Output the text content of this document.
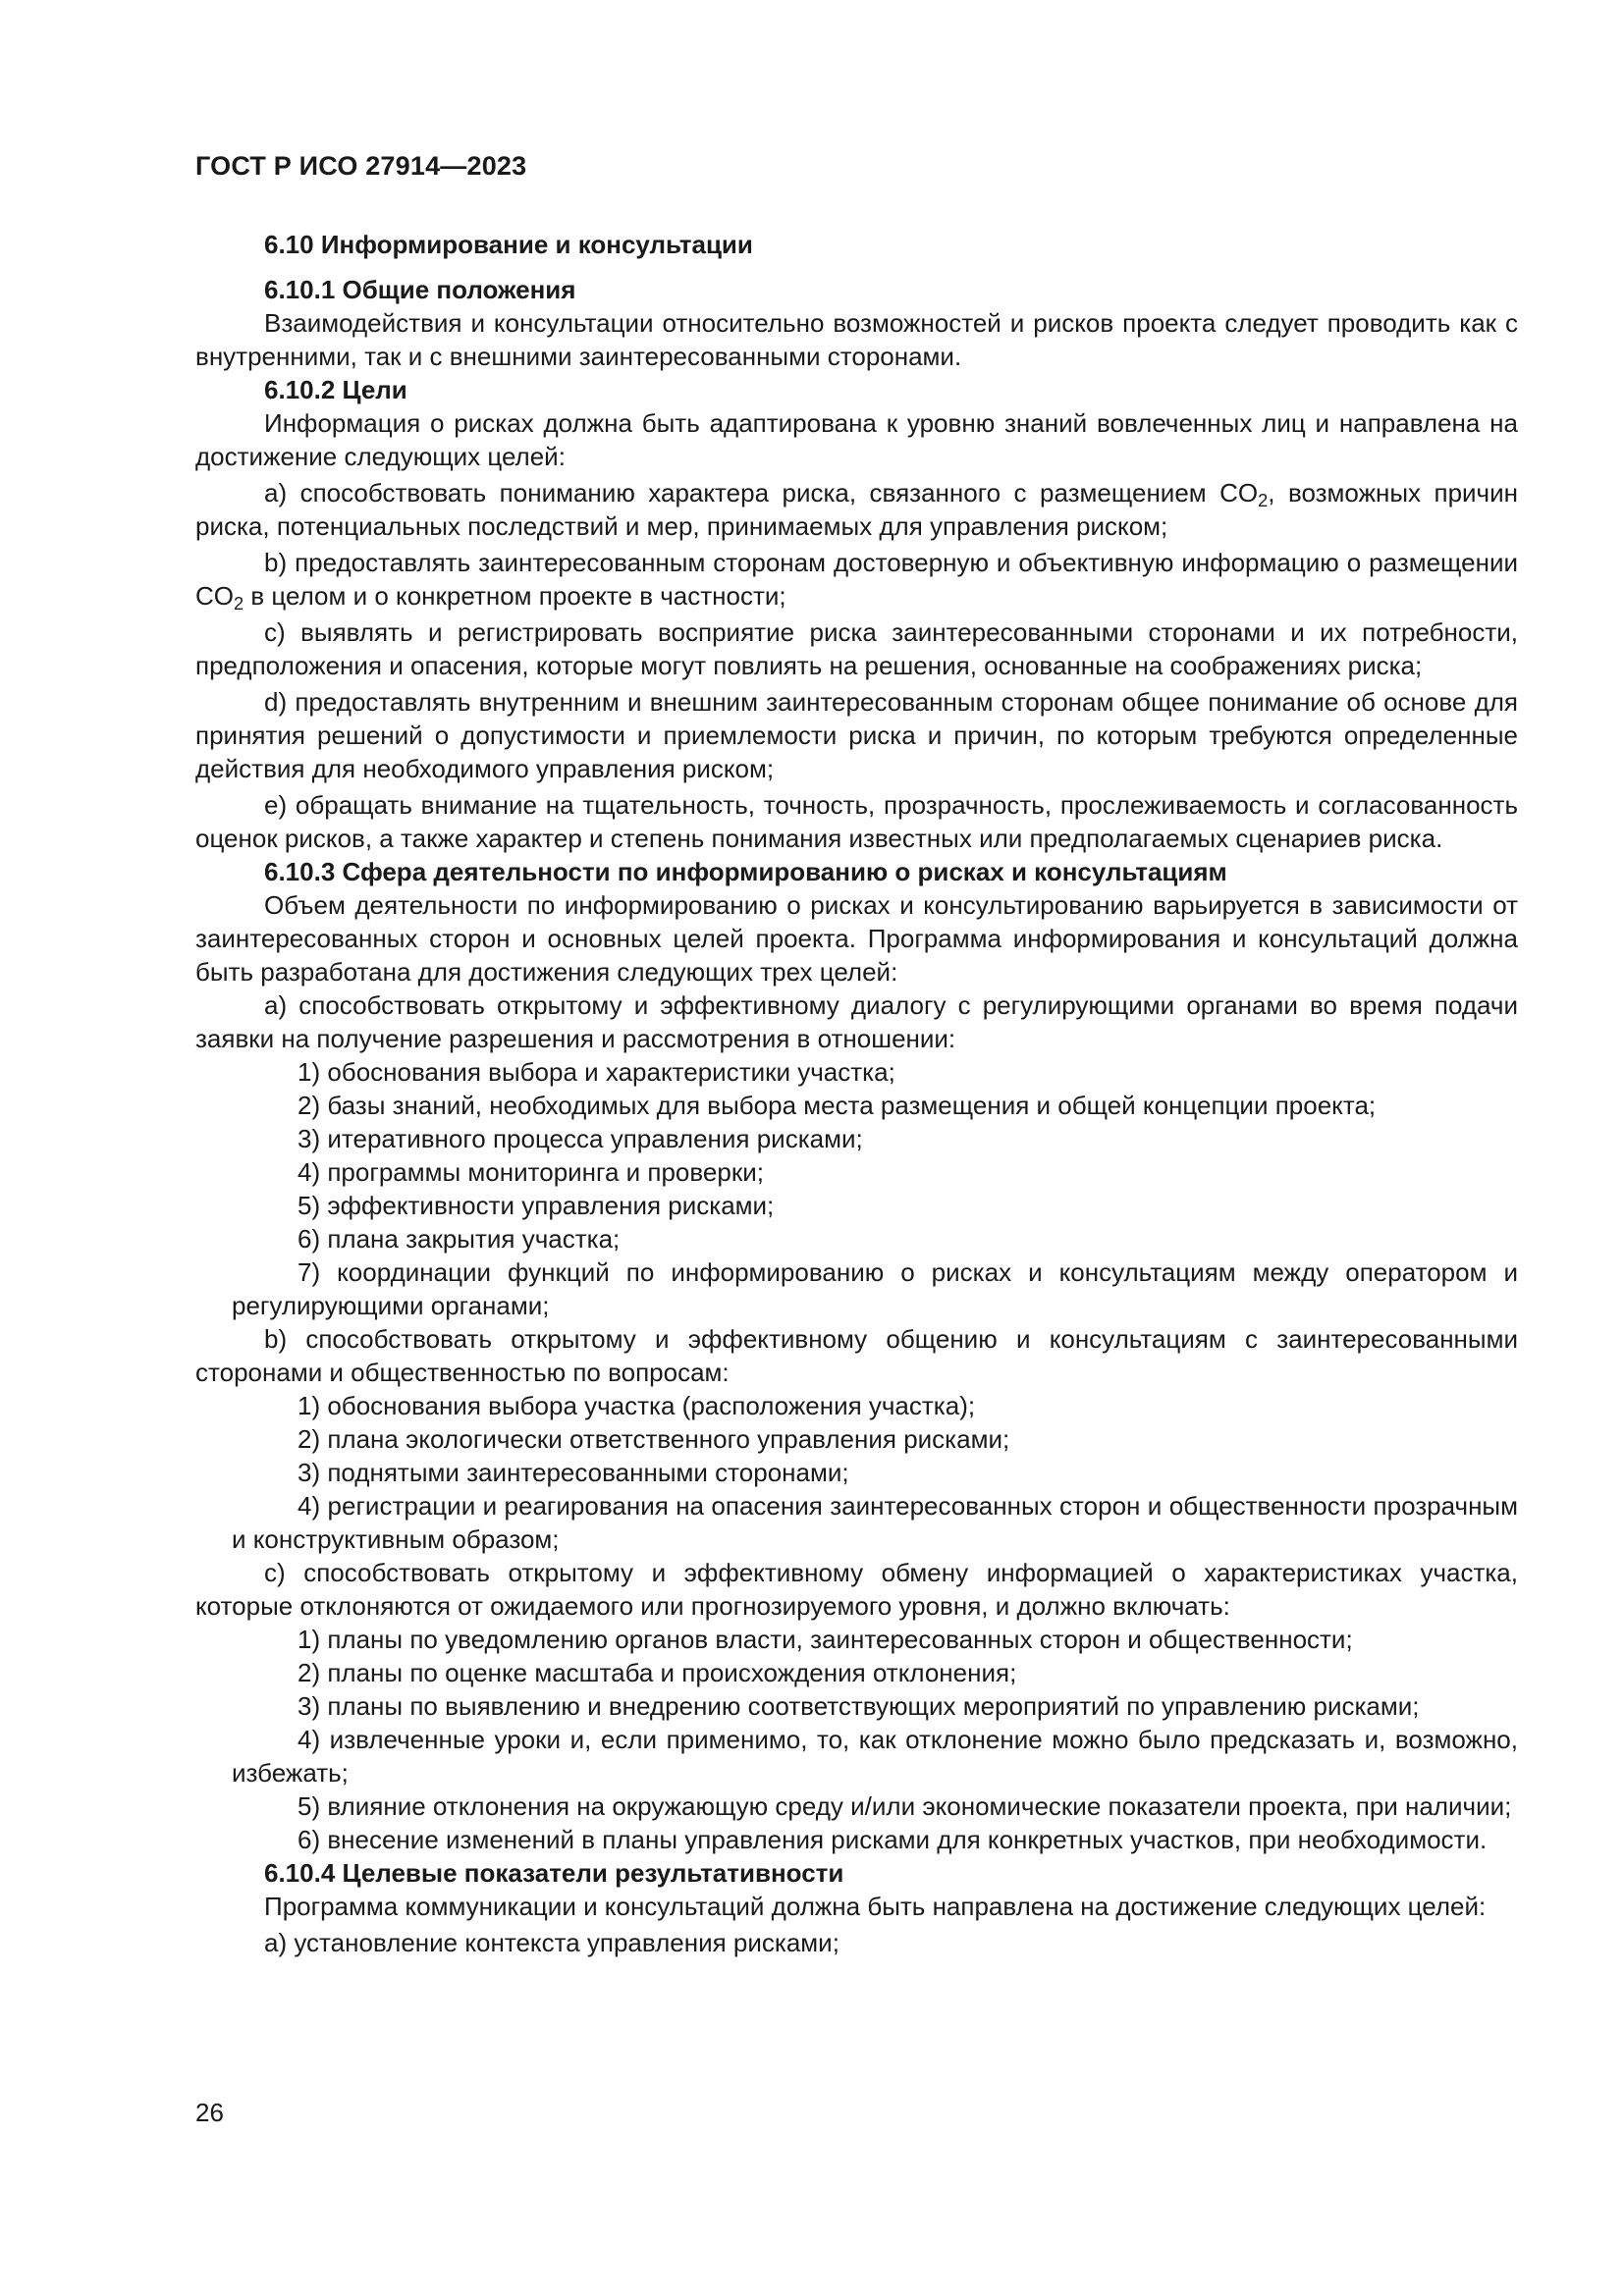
ГОСТ Р ИСО 27914—2023

6.10 Информирование и консультации

6.10.1 Общие положения

Взаимодействия и консультации относительно возможностей и рисков проекта следует проводить как с внутренними, так и с внешними заинтересованными сторонами.

6.10.2 Цели

Информация о рисках должна быть адаптирована к уровню знаний вовлеченных лиц и направлена на достижение следующих целей:

a) способствовать пониманию характера риска, связанного с размещением $CO_2$, возможных причин риска, потенциальных последствий и мер, принимаемых для управления риском;

b) предоставлять заинтересованным сторонам достоверную и объективную информацию о размещении $CO_2$ в целом и о конкретном проекте в частности;

c) выявлять и регистрировать восприятие риска заинтересованными сторонами и их потребности, предположения и опасения, которые могут повлиять на решения, основанные на соображениях риска;

d) предоставлять внутренним и внешним заинтересованным сторонам общее понимание об основе для принятия решений о допустимости и приемлемости риска и причин, по которым требуются определенные действия для необходимого управления риском;

e) обращать внимание на тщательность, точность, прозрачность, прослеживаемость и согласованность оценок рисков, а также характер и степень понимания известных или предполагаемых сценариев риска.

6.10.3 Сфера деятельности по информированию о рисках и консультациям

Объем деятельности по информированию о рисках и консультированию варьируется в зависимости от заинтересованных сторон и основных целей проекта. Программа информирования и консультаций должна быть разработана для достижения следующих трех целей:

a) способствовать открытому и эффективному диалогу с регулирующими органами во время подачи заявки на получение разрешения и рассмотрения в отношении:

1) обоснования выбора и характеристики участка;

2) базы знаний, необходимых для выбора места размещения и общей концепции проекта;

3) итеративного процесса управления рисками;

4) программы мониторинга и проверки;

5) эффективности управления рисками;

6) плана закрытия участка;

7) координации функций по информированию о рисках и консультациям между оператором и регулирующими органами;

b) способствовать открытому и эффективному общению и консультациям с заинтересованными сторонами и общественностью по вопросам:

1) обоснования выбора участка (расположения участка);

2) плана экологически ответственного управления рисками;

3) поднятыми заинтересованными сторонами;

4) регистрации и реагирования на опасения заинтересованных сторон и общественности прозрачным и конструктивным образом;

c) способствовать открытому и эффективному обмену информацией о характеристиках участка, которые отклоняются от ожидаемого или прогнозируемого уровня, и должно включать:

1) планы по уведомлению органов власти, заинтересованных сторон и общественности;

2) планы по оценке масштаба и происхождения отклонения;

3) планы по выявлению и внедрению соответствующих мероприятий по управлению рисками;

4) извлеченные уроки и, если применимо, то, как отклонение можно было предсказать и, возможно, избежать;

5) влияние отклонения на окружающую среду и/или экономические показатели проекта, при наличии;

6) внесение изменений в планы управления рисками для конкретных участков, при необходимости.

6.10.4 Целевые показатели результативности

Программа коммуникации и консультаций должна быть направлена на достижение следующих целей:

a) установление контекста управления рисками;

26
